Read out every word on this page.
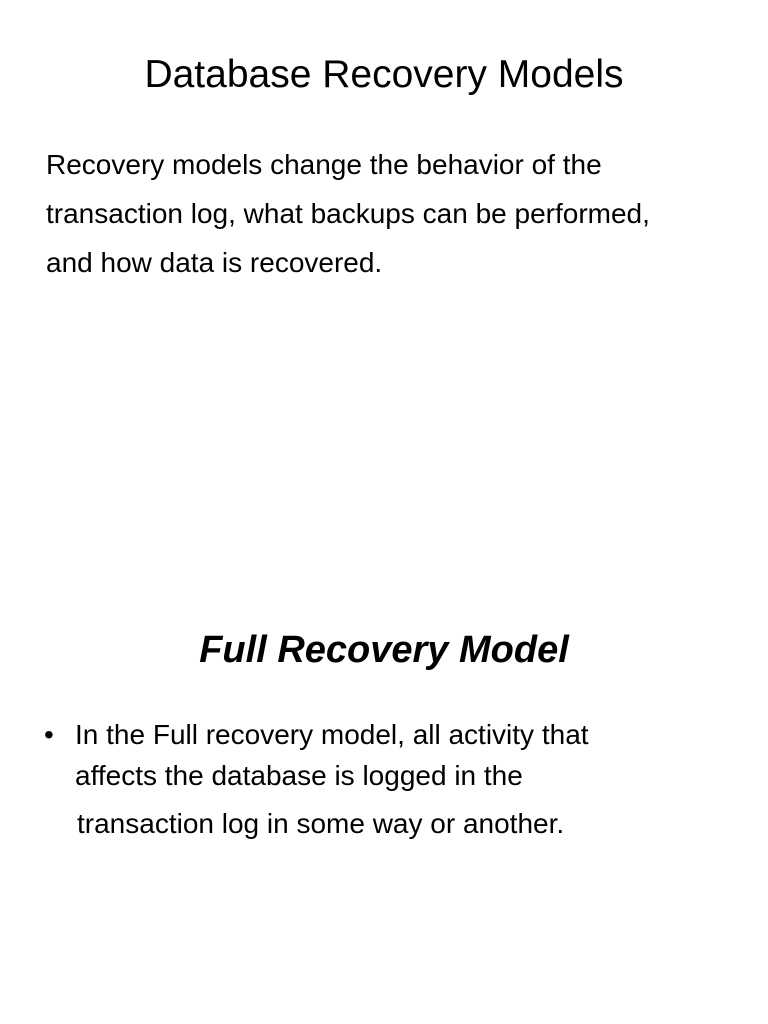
Database Recovery Models

Recovery models change the behavior of the
transaction log, what backups can be performed,
and how data is recovered.

Full Recovery Model
• In the Full recovery model, all activity that
affects the database is logged in the
transaction log in some way or another.
